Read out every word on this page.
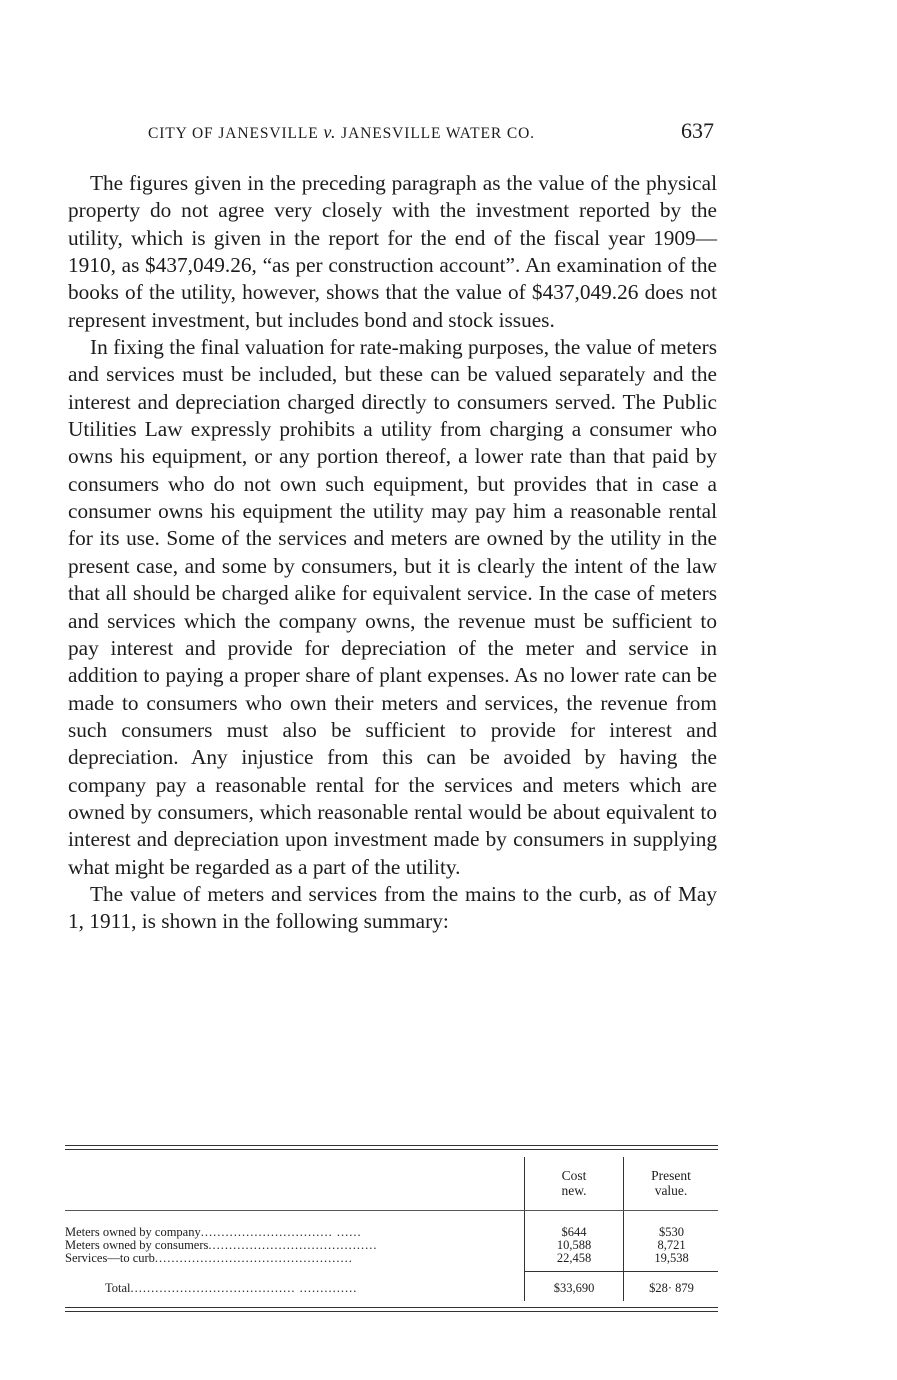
CITY OF JANESVILLE v. JANESVILLE WATER CO.	637

The figures given in the preceding paragraph as the value of the physical property do not agree very closely with the investment reported by the utility, which is given in the report for the end of the fiscal year 1909—1910, as $437,049.26, “as per construction account”. An examination of the books of the utility, however, shows that the value of $437,049.26 does not represent investment, but includes bond and stock issues.

In fixing the final valuation for rate-making purposes, the value of meters and services must be included, but these can be valued separately and the interest and depreciation charged directly to consumers served. The Public Utilities Law expressly prohibits a utility from charging a consumer who owns his equipment, or any portion thereof, a lower rate than that paid by consumers who do not own such equipment, but provides that in case a consumer owns his equipment the utility may pay him a reasonable rental for its use. Some of the services and meters are owned by the utility in the present case, and some by consumers, but it is clearly the intent of the law that all should be charged alike for equivalent service. In the case of meters and services which the company owns, the revenue must be sufficient to pay interest and provide for depreciation of the meter and service in addition to paying a proper share of plant expenses. As no lower rate can be made to consumers who own their meters and services, the revenue from such consumers must also be sufficient to provide for interest and depreciation. Any injustice from this can be avoided by having the company pay a reasonable rental for the services and meters which are owned by consumers, which reasonable rental would be about equivalent to interest and depreciation upon investment made by consumers in supplying what might be regarded as a part of the utility.

The value of meters and services from the mains to the curb, as of May 1, 1911, is shown in the following summary:

Cost
new.
Present
value.
Meters owned by company................................ ......	$644	$530
Meters owned by consumers.........................................	10,588	8,721
Services—to curb................................................	22,458	19,538
Total........................................ ..............	$33,690	$28· 879
